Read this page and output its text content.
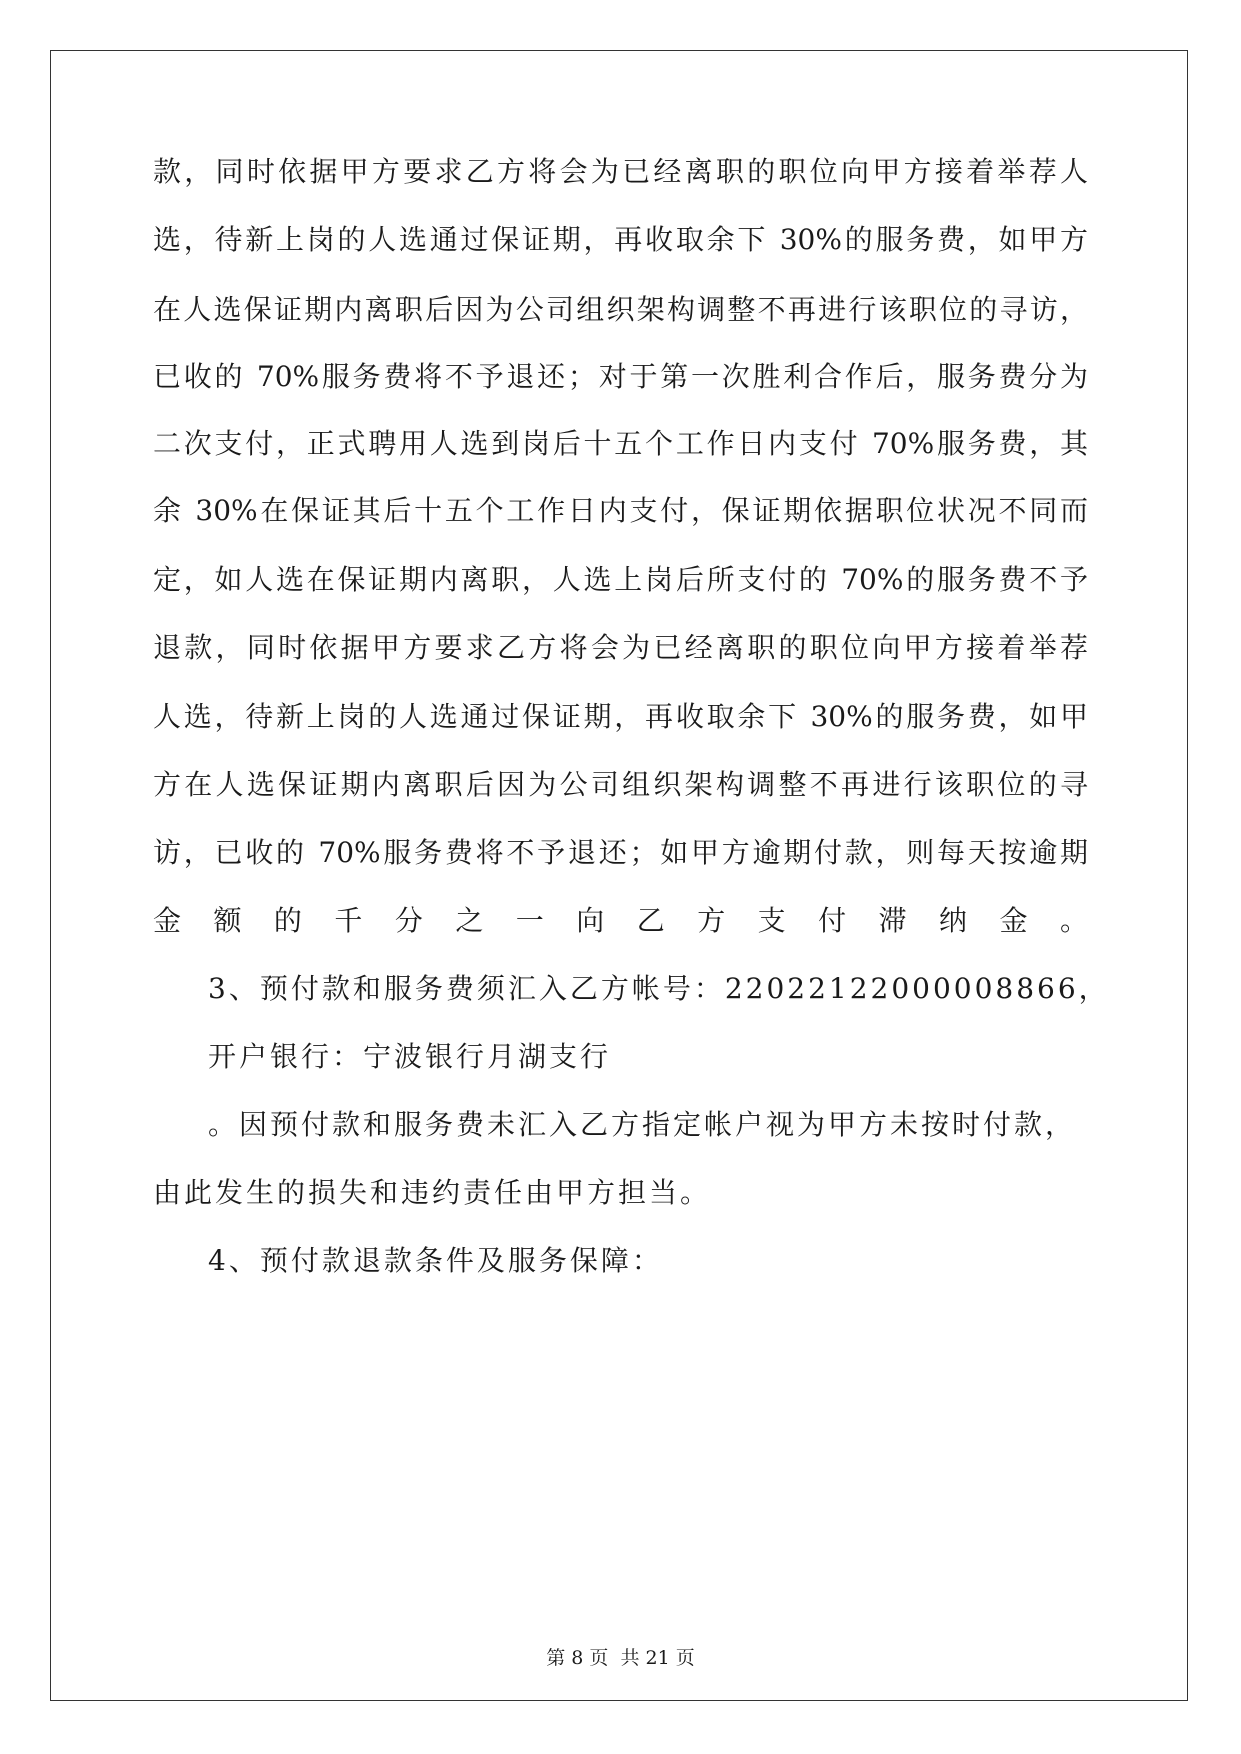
款，同时依据甲方要求乙方将会为已经离职的职位向甲方接着举荐人
选，待新上岗的人选通过保证期，再收取余下 30%的服务费，如甲方
在人选保证期内离职后因为公司组织架构调整不再进行该职位的寻访，
已收的 70%服务费将不予退还；对于第一次胜利合作后，服务费分为
二次支付，正式聘用人选到岗后十五个工作日内支付 70%服务费，其
余 30%在保证其后十五个工作日内支付，保证期依据职位状况不同而
定，如人选在保证期内离职，人选上岗后所支付的 70%的服务费不予
退款，同时依据甲方要求乙方将会为已经离职的职位向甲方接着举荐
人选，待新上岗的人选通过保证期，再收取余下 30%的服务费，如甲
方在人选保证期内离职后因为公司组织架构调整不再进行该职位的寻
访，已收的 70%服务费将不予退还；如甲方逾期付款，则每天按逾期
金额的千分之一向乙方支付滞纳金。
3、预付款和服务费须汇入乙方帐号：22022122000008866，
开户银行：宁波银行月湖支行
。因预付款和服务费未汇入乙方指定帐户视为甲方未按时付款，
由此发生的损失和违约责任由甲方担当。
4、预付款退款条件及服务保障：
第 8 页 共 21 页
